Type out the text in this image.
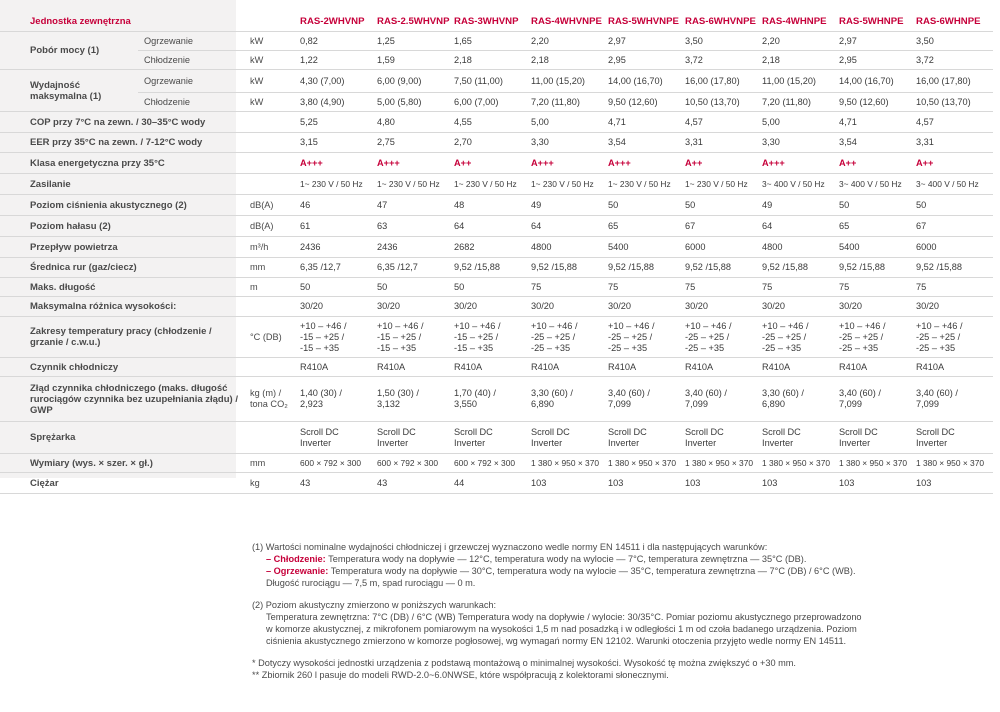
Jednostka zewnętrzna			RAS-2WHVNP	RAS-2.5WHVNP	RAS-3WHVNP	RAS-4WHVNPE	RAS-5WHVNPE	RAS-6WHVNPE	RAS-4WHNPE	RAS-5WHNPE	RAS-6WHNPE
Pobór mocy (1)	Ogrzewanie	kW	0,82	1,25	1,65	2,20	2,97	3,50	2,20	2,97	3,50
	Chłodzenie	kW	1,22	1,59	2,18	2,18	2,95	3,72	2,18	2,95	3,72
Wydajność maksymalna (1)	Ogrzewanie	kW	4,30 (7,00)	6,00 (9,00)	7,50 (11,00)	11,00 (15,20)	14,00 (16,70)	16,00 (17,80)	11,00 (15,20)	14,00 (16,70)	16,00 (17,80)
	Chłodzenie	kW	3,80 (4,90)	5,00 (5,80)	6,00 (7,00)	7,20 (11,80)	9,50 (12,60)	10,50 (13,70)	7,20 (11,80)	9,50 (12,60)	10,50 (13,70)
COP przy 7°C na zewn. / 30–35°C wody			5,25	4,80	4,55	5,00	4,71	4,57	5,00	4,71	4,57
EER przy 35°C na zewn. / 7-12°C wody			3,15	2,75	2,70	3,30	3,54	3,31	3,30	3,54	3,31
Klasa energetyczna przy 35°C			A+++	A+++	A++	A+++	A+++	A++	A+++	A++	A++
Zasilanie			1~ 230 V / 50 Hz	1~ 230 V / 50 Hz	1~ 230 V / 50 Hz	1~ 230 V / 50 Hz	1~ 230 V / 50 Hz	1~ 230 V / 50 Hz	3~ 400 V / 50 Hz	3~ 400 V / 50 Hz	3~ 400 V / 50 Hz
Poziom ciśnienia akustycznego (2)		dB(A)	46	47	48	49	50	50	49	50	50
Poziom hałasu (2)		dB(A)	61	63	64	64	65	67	64	65	67
Przepływ powietrza		m³/h	2436	2436	2682	4800	5400	6000	4800	5400	6000
Średnica rur (gaz/ciecz)		mm	6,35 /12,7	6,35 /12,7	9,52 /15,88	9,52 /15,88	9,52 /15,88	9,52 /15,88	9,52 /15,88	9,52 /15,88	9,52 /15,88
Maks. długość		m	50	50	50	75	75	75	75	75	75
Maksymalna różnica wysokości:			30/20	30/20	30/20	30/20	30/20	30/20	30/20	30/20	30/20
Zakresy temperatury pracy (chłodzenie / grzanie / c.w.u.)		°C (DB)	+10 – +46 /
-15 – +25 /
-15 – +35	+10 – +46 /
-15 – +25 /
-15 – +35	+10 – +46 /
-15 – +25 /
-15 – +35	+10 – +46 /
-25 – +25 /
-25 – +35	+10 – +46 /
-25 – +25 /
-25 – +35	+10 – +46 /
-25 – +25 /
-25 – +35	+10 – +46 /
-25 – +25 /
-25 – +35	+10 – +46 /
-25 – +25 /
-25 – +35	+10 – +46 /
-25 – +25 /
-25 – +35

Czynnik chłodniczy			R410A	R410A	R410A	R410A	R410A	R410A	R410A	R410A	R410A
Złąd czynnika chłodniczego (maks. długość rurociągów czynnika bez uzupełniania złądu) / GWP		kg (m) /
tona CO₂	1,40 (30) /
2,923	1,50 (30) /
3,132	1,70 (40) /
3,550	3,30 (60) /
6,890	3,40 (60) /
7,099	3,40 (60) /
7,099	3,30 (60) /
6,890	3,40 (60) /
7,099	3,40 (60) /
7,099

Sprężarka			Scroll DC
Inverter	Scroll DC
Inverter	Scroll DC
Inverter	Scroll DC
Inverter	Scroll DC
Inverter	Scroll DC
Inverter	Scroll DC
Inverter	Scroll DC
Inverter	Scroll DC
Inverter

Wymiary (wys. × szer. × gł.)		mm	600 × 792 × 300	600 × 792 × 300	600 × 792 × 300	1 380 × 950 × 370	1 380 × 950 × 370	1 380 × 950 × 370	1 380 × 950 × 370	1 380 × 950 × 370	1 380 × 950 × 370
Ciężar		kg	43	43	44	103	103	103	103	103	103

(1) Wartości nominalne wydajności chłodniczej i grzewczej wyznaczono wedle normy EN 14511 i dla następujących warunków:

– Chłodzenie: Temperatura wody na dopływie — 12°C, temperatura wody na wylocie — 7°C, temperatura zewnętrzna — 35°C (DB).

– Ogrzewanie: Temperatura wody na dopływie — 30°C, temperatura wody na wylocie — 35°C, temperatura zewnętrzna — 7°C (DB) / 6°C (WB).

Długość rurociągu — 7,5 m, spad rurociągu — 0 m.

(2) Poziom akustyczny zmierzono w poniższych warunkach:

Temperatura zewnętrzna: 7°C (DB) / 6°C (WB) Temperatura wody na dopływie / wylocie: 30/35°C. Pomiar poziomu akustycznego przeprowadzono

w komorze akustycznej, z mikrofonem pomiarowym na wysokości 1,5 m nad posadzką i w odległości 1 m od czoła badanego urządzenia. Poziom

ciśnienia akustycznego zmierzono w komorze pogłosowej, wg wymagań normy EN 12102. Warunki otoczenia przyjęto wedle normy EN 14511.

* Dotyczy wysokości jednostki urządzenia z podstawą montażową o minimalnej wysokości. Wysokość tę można zwiększyć o +30 mm.

** Zbiornik 260 l pasuje do modeli RWD-2.0~6.0NWSE, które współpracują z kolektorami słonecznymi.
